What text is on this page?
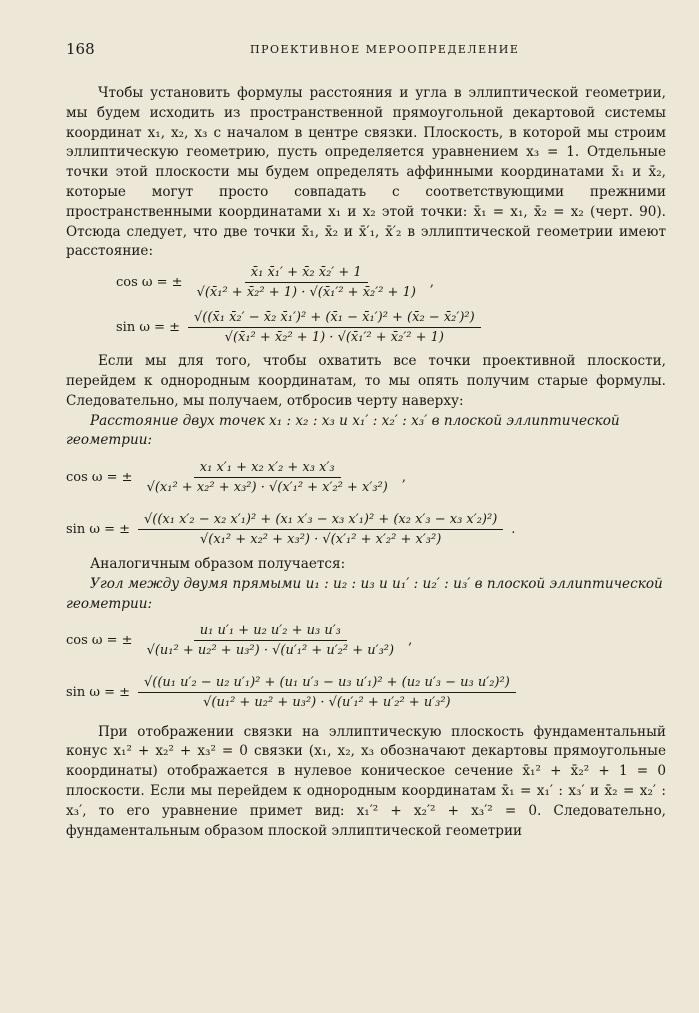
168	ПРОЕКТИВНОЕ МЕРООПРЕДЕЛЕНИЕ

Чтобы установить формулы расстояния и угла в эллиптической геометрии, мы будем исходить из пространственной прямоугольной декартовой системы координат x₁, x₂, x₃ с началом в центре связки. Плоскость, в которой мы строим эллиптическую геометрию, пусть определяется уравнением x₃ = 1. Отдельные точки этой плоскости мы будем определять аффинными координатами x̄₁ и x̄₂, которые могут просто совпадать с соответствующими прежними пространственными координатами x₁ и x₂ этой точки: x̄₁ = x₁, x̄₂ = x₂ (черт. 90). Отсюда следует, что две точки x̄₁, x̄₂ и x̄′₁, x̄′₂ в эллиптической геометрии имеют расстояние:

cos ω = ± $\frac{\text{x̄₁ x̄₁′ + x̄₂ x̄₂′ + 1}}{\text{√(x̄₁² + x̄₂² + 1) · √(x̄₁′² + x̄₂′² + 1)}}$ ,
sin ω = ± $\frac{\text{√((x̄₁ x̄₂′ − x̄₂ x̄₁′)² + (x̄₁ − x̄₁′)² + (x̄₂ − x̄₂′)²)}}{\text{√(x̄₁² + x̄₂² + 1) · √(x̄₁′² + x̄₂′² + 1)}}$

Если мы для того, чтобы охватить все точки проективной плоскости, перейдем к однородным координатам, то мы опять получим старые формулы. Следовательно, мы получаем, отбросив черту наверху:

Расстояние двух точек x₁ : x₂ : x₃ и x₁′ : x₂′ : x₃′ в плоской эллиптической геометрии:

cos ω = ± $\frac{\text{x₁ x′₁ + x₂ x′₂ + x₃ x′₃}}{\text{√(x₁² + x₂² + x₃²) · √(x′₁² + x′₂² + x′₃²)}}$ ,
sin ω = ±
√((x₁ x′₂ − x₂ x′₁)² + (x₁ x′₃ − x₃ x′₁)² + (x₂ x′₃ − x₃ x′₂)²)
√(x₁² + x₂² + x₃²) · √(x′₁² + x′₂² + x′₃²)
.

Аналогичным образом получается:

Угол между двумя прямыми u₁ : u₂ : u₃ и u₁′ : u₂′ : u₃′ в плоской эллиптической геометрии:

cos ω = ± $\frac{\text{u₁ u′₁ + u₂ u′₂ + u₃ u′₃}}{\text{√(u₁² + u₂² + u₃²) · √(u′₁² + u′₂² + u′₃²)}}$ ,
sin ω = ±
√((u₁ u′₂ − u₂ u′₁)² + (u₁ u′₃ − u₃ u′₁)² + (u₂ u′₃ − u₃ u′₂)²)
√(u₁² + u₂² + u₃²) · √(u′₁² + u′₂² + u′₃²)

При отображении связки на эллиптическую плоскость фундаментальный конус x₁² + x₂² + x₃² = 0 связки (x₁, x₂, x₃ обозначают декартовы прямоугольные координаты) отображается в нулевое коническое сечение x̄₁² + x̄₂² + 1 = 0 плоскости. Если мы перейдем к однородным координатам x̄₁ = x₁′ : x₃′ и x̄₂ = x₂′ : x₃′, то его уравнение примет вид: x₁′² + x₂′² + x₃′² = 0. Следовательно, фундаментальным образом плоской эллиптической геометрии
